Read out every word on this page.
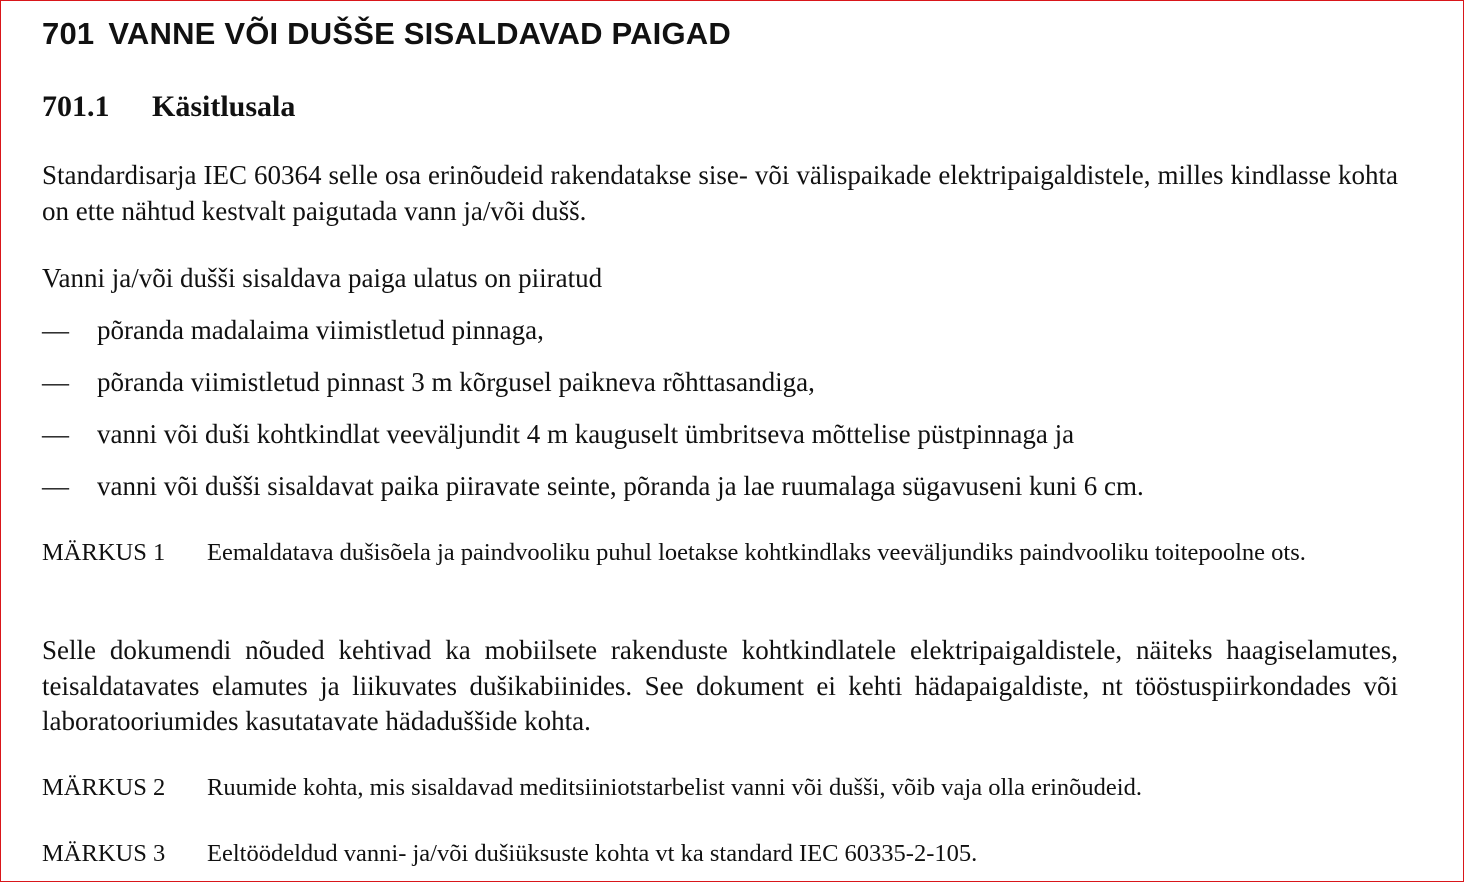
701 VANNE VÕI DUŠŠE SISALDAVAD PAIGAD
701.1 Käsitlusala
Standardisarja IEC 60364 selle osa erinõudeid rakendatakse sise- või välispaikade elektripaigaldistele, milles kindlasse kohta on ette nähtud kestvalt paigutada vann ja/või dušš.
Vanni ja/või dušši sisaldava paiga ulatus on piiratud
— põranda madalaima viimistletud pinnaga,
— põranda viimistletud pinnast 3 m kõrgusel paikneva rõhttasandiga,
— vanni või duši kohtkindlat veeväljundit 4 m kauguselt ümbritseva mõttelise püstpinnaga ja
— vanni või dušši sisaldavat paika piiravate seinte, põranda ja lae ruumalaga sügavuseni kuni 6 cm.
MÄRKUS 1 Eemaldatava dušisõela ja paindvooliku puhul loetakse kohtkindlaks veeväljundiks paindvooliku toitepoolne ots.
Selle dokumendi nõuded kehtivad ka mobiilsete rakenduste kohtkindlatele elektripaigaldistele, näiteks haagiselamutes, teisaldatavates elamutes ja liikuvates dušikabiinides. See dokument ei kehti hädapaigaldiste, nt tööstuspiirkondades või laboratooriumides kasutatavate hädaduššide kohta.
MÄRKUS 2 Ruumide kohta, mis sisaldavad meditsiiniotstarbelist vanni või dušši, võib vaja olla erinõudeid.
MÄRKUS 3 Eeltöödeldud vanni- ja/või dušiüksuste kohta vt ka standard IEC 60335-2-105.
